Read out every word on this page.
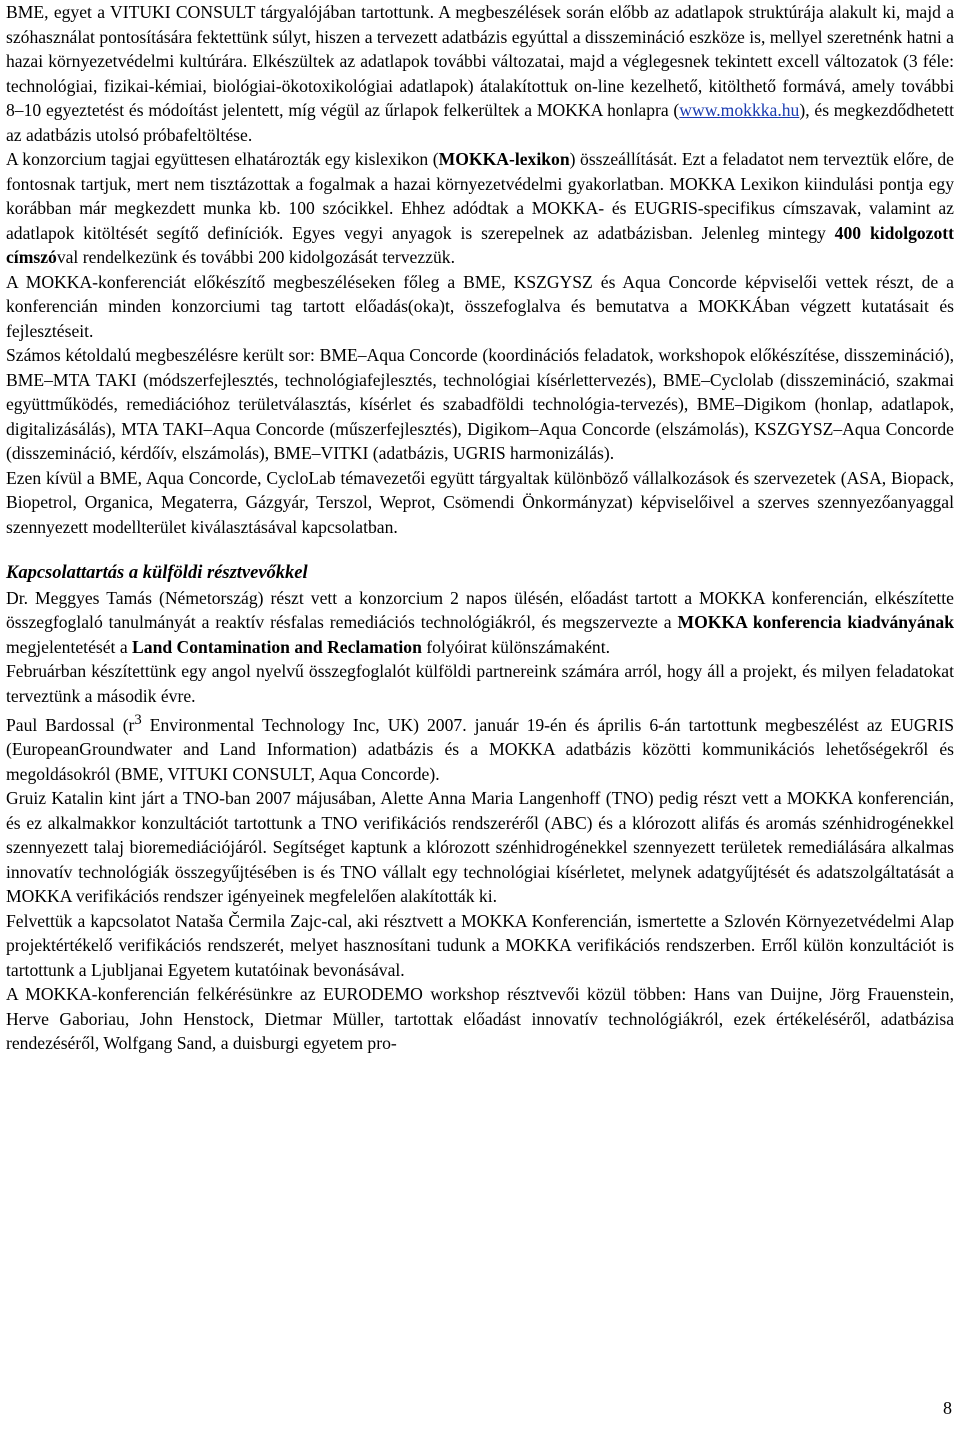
BME, egyet a VITUKI CONSULT tárgyalójában tartottunk. A megbeszélések során előbb az adatlapok struktúrája alakult ki, majd a szóhasználat pontosítására fektettünk súlyt, hiszen a tervezett adatbázis egyúttal a disszemináció eszköze is, mellyel szeretnénk hatni a hazai környezetvédelmi kultúrára. Elkészültek az adatlapok további változatai, majd a véglegesnek tekintett excell változatok (3 féle: technológiai, fizikai-kémiai, biológiai-ökotoxikológiai adatlapok) átalakítottuk on-line kezelhető, kitölthető formává, amely további 8–10 egyeztetést és módoítást jelentett, míg végül az űrlapok felkerültek a MOKKA honlapra (www.mokkka.hu), és megkezdődhetett az adatbázis utolsó próbafeltöltése.

A konzorcium tagjai együttesen elhatározták egy kislexikon (MOKKA-lexikon) összeállítását. Ezt a feladatot nem terveztük előre, de fontosnak tartjuk, mert nem tisztázottak a fogalmak a hazai környezetvédelmi gyakorlatban. MOKKA Lexikon kiindulási pontja egy korábban már megkezdett munka kb. 100 szócikkel. Ehhez adódtak a MOKKA- és EUGRIS-specifikus címszavak, valamint az adatlapok kitöltését segítő definíciók. Egyes vegyi anyagok is szerepelnek az adatbázisban. Jelenleg mintegy 400 kidolgozott címszóval rendelkezünk és további 200 kidolgozását tervezzük.

A MOKKA-konferenciát előkészítő megbeszéléseken főleg a BME, KSZGYSZ és Aqua Concorde képviselői vettek részt, de a konferencián minden konzorciumi tag tartott előadás(oka)t, összefoglalva és bemutatva a MOKKÁban végzett kutatásait és fejlesztéseit.

Számos kétoldalú megbeszélésre került sor: BME–Aqua Concorde (koordinációs feladatok, workshopok előkészítése, disszemináció), BME–MTA TAKI (módszerfejlesztés, technológiafejlesztés, technológiai kísérlettervezés), BME–Cyclolab (disszemináció, szakmai együttműködés, remediációhoz területválasztás, kísérlet és szabadföldi technológia-tervezés), BME–Digikom (honlap, adatlapok, digitalizásálás), MTA TAKI–Aqua Concorde (műszerfejlesztés), Digikom–Aqua Concorde (elszámolás), KSZGYSZ–Aqua Concorde (disszemináció, kérdőív, elszámolás), BME–VITKI (adatbázis, UGRIS harmonizálás).

Ezen kívül a BME, Aqua Concorde, CycloLab témavezetői együtt tárgyaltak különböző vállalkozások és szervezetek (ASA, Biopack, Biopetrol, Organica, Megaterra, Gázgyár, Terszol, Weprot, Csömendi Önkormányzat) képviselőivel a szerves szennyezőanyaggal szennyezett modellterület kiválasztásával kapcsolatban.

Kapcsolattartás a külföldi résztvevőkkel

Dr. Meggyes Tamás (Németország) részt vett a konzorcium 2 napos ülésén, előadást tartott a MOKKA konferencián, elkészítette összegfoglaló tanulmányát a reaktív résfalas remediációs technológiákról, és megszervezte a MOKKA konferencia kiadványának megjelentetését a Land Contamination and Reclamation folyóirat különszámaként.

Februárban készítettünk egy angol nyelvű összegfoglalót külföldi partnereink számára arról, hogy áll a projekt, és milyen feladatokat terveztünk a második évre.

Paul Bardossal ($r^3$ Environmental Technology Inc, UK) 2007. január 19-én és április 6-án tartottunk megbeszélést az EUGRIS (EuropeanGroundwater and Land Information) adatbázis és a MOKKA adatbázis közötti kommunikációs lehetőségekről és megoldásokról (BME, VITUKI CONSULT, Aqua Concorde).

Gruiz Katalin kint járt a TNO-ban 2007 májusában, Alette Anna Maria Langenhoff (TNO) pedig részt vett a MOKKA konferencián, és ez alkalmakkor konzultációt tartottunk a TNO verifikációs rendszeréről (ABC) és a klórozott alifás és aromás szénhidrogénekkel szennyezett talaj bioremediációjáról. Segítséget kaptunk a klórozott szénhidrogénekkel szennyezett területek remediálására alkalmas innovatív technológiák összegyűjtésében is és TNO vállalt egy technológiai kísérletet, melynek adatgyűjtését és adatszolgáltatását a MOKKA verifikációs rendszer igényeinek megfelelően alakították ki.

Felvettük a kapcsolatot Nataša Čermila Zajc-cal, aki résztvett a MOKKA Konferencián, ismertette a Szlovén Környezetvédelmi Alap projektértékelő verifikációs rendszerét, melyet hasznosítani tudunk a MOKKA verifikációs rendszerben. Erről külön konzultációt is tartottunk a Ljubljanai Egyetem kutatóinak bevonásával.

A MOKKA-konferencián felkérésünkre az EURODEMO workshop résztvevői közül többen: Hans van Duijne, Jörg Frauenstein, Herve Gaboriau, John Henstock, Dietmar Müller, tartottak előadást innovatív technológiákról, ezek értékeléséről, adatbázisa rendezéséről, Wolfgang Sand, a duisburgi egyetem pro-

8
